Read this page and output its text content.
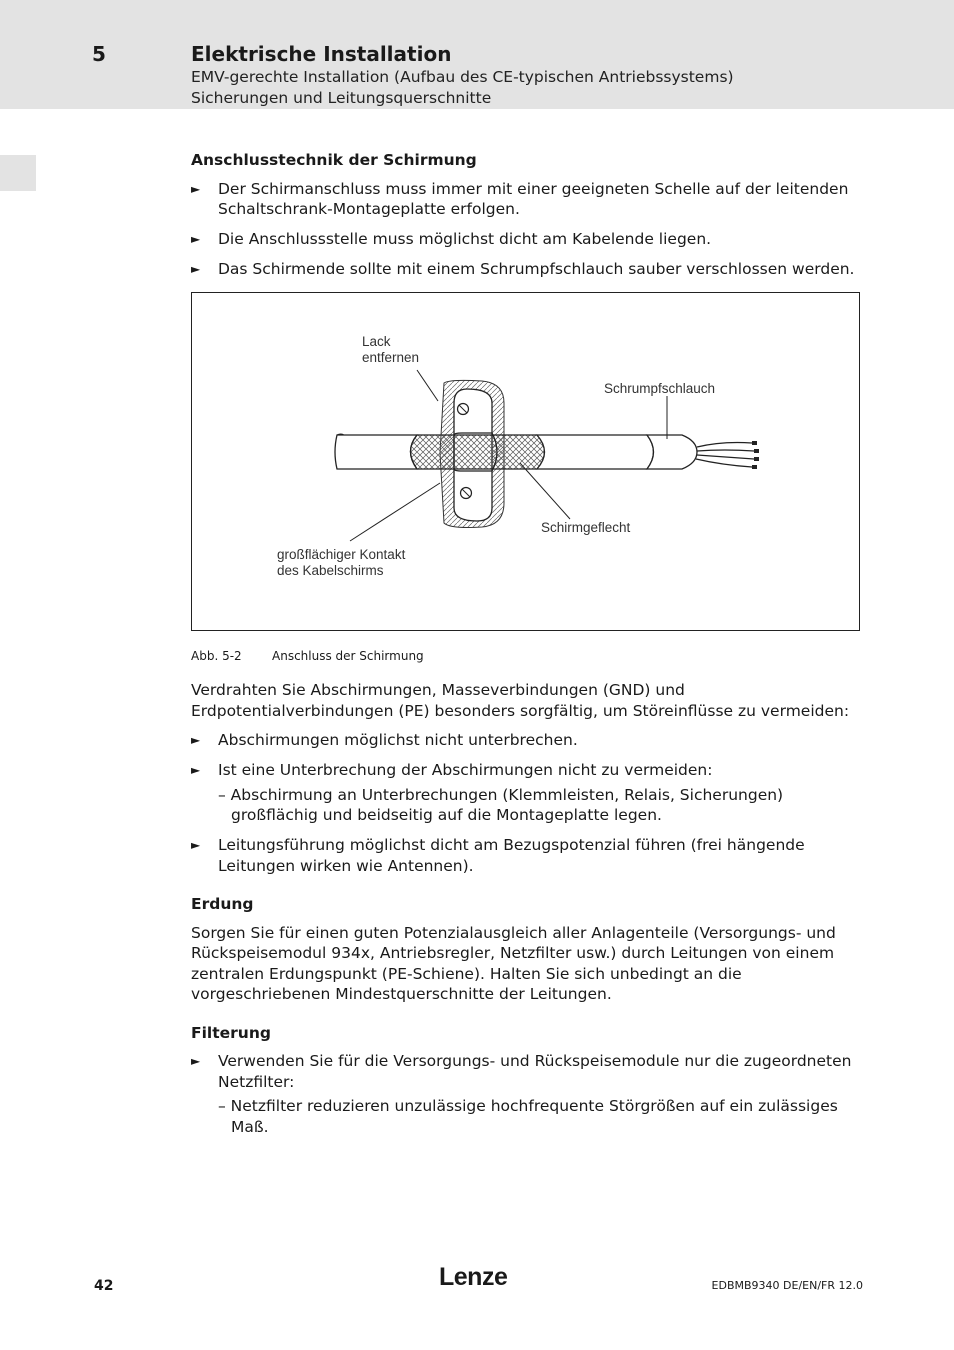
5	Elektrische Installation
EMV-gerechte Installation (Aufbau des CE-typischen Antriebssystems)
Sicherungen und Leitungsquerschnitte
Anschlusstechnik der Schirmung
► Der Schirmanschluss muss immer mit einer geeigneten Schelle auf der leitenden Schaltschrank-Montageplatte erfolgen.
► Die Anschlussstelle muss möglichst dicht am Kabelende liegen.
► Das Schirmende sollte mit einem Schrumpfschlauch sauber verschlossen werden.
Lack
entfernen
Schrumpfschlauch
Schirmgeflecht
großflächiger Kontakt
des Kabelschirms
Abb. 5-2	Anschluss der Schirmung

Verdrahten Sie Abschirmungen, Masseverbindungen (GND) und Erdpotentialverbindungen (PE) besonders sorgfältig, um Störeinflüsse zu vermeiden:

► Abschirmungen möglichst nicht unterbrechen.
► Ist eine Unterbrechung der Abschirmungen nicht zu vermeiden:
– Abschirmung an Unterbrechungen (Klemmleisten, Relais, Sicherungen) großflächig und beidseitig auf die Montageplatte legen.
► Leitungsführung möglichst dicht am Bezugspotenzial führen (frei hängende Leitungen wirken wie Antennen).
Erdung

Sorgen Sie für einen guten Potenzialausgleich aller Anlagenteile (Versorgungs- und Rückspeisemodul 934x, Antriebsregler, Netzfilter usw.) durch Leitungen von einem zentralen Erdungspunkt (PE-Schiene). Halten Sie sich unbedingt an die vorgeschriebenen Mindestquerschnitte der Leitungen.

Filterung
► Verwenden Sie für die Versorgungs- und Rückspeisemodule nur die zugeordneten Netzfilter:
– Netzfilter reduzieren unzulässige hochfrequente Störgrößen auf ein zulässiges Maß.
42	Lenze	EDBMB9340 DE/EN/FR 12.0
